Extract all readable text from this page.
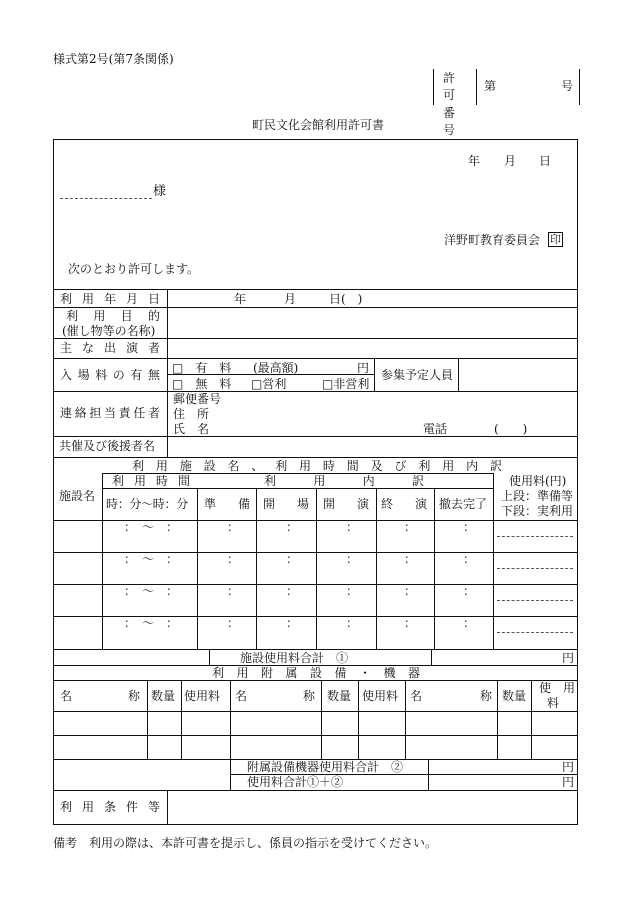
様式第2号(第7条関係)
許 可
番 号
第	号
町民文化会館利用許可書
年 月 日
様
洋野町教育委員会 印
次のとおり許可します。
利用年月日	年	月	日(　)
利用目的
(催し物等の名称)
主な出演者
入場料の有無 □　有　料 (最高額)	円
□　無　料 □営利	□非営利
参集予定人員
連絡担当責任者
郵便番号
住　所
氏　名	電話	(　　)
共催及び後援者名
利用施設名、利用時間及び利用内訳
施設名
利用時間
時：分〜時：分
利用内訳
準備 開場 開演 終演 撤去完了
使用料(円)
上段：準備等
下段：実利用
：　〜　：	：	：	：	：	：
：　〜　：	：	：	：	：	：
：　〜　：	：	：	：	：	：
：　〜　：	：	：	：	：	：
施設使用料合計　①	円
利用附属設備・機器
名称 数量 使用料 名称 数量 使用料 名称 数量
使　用
料
附属設備機器使用料合計　②	円
使用料合計①＋②	円
利用条件等
備考　利用の際は、本許可書を提示し、係員の指示を受けてください。
